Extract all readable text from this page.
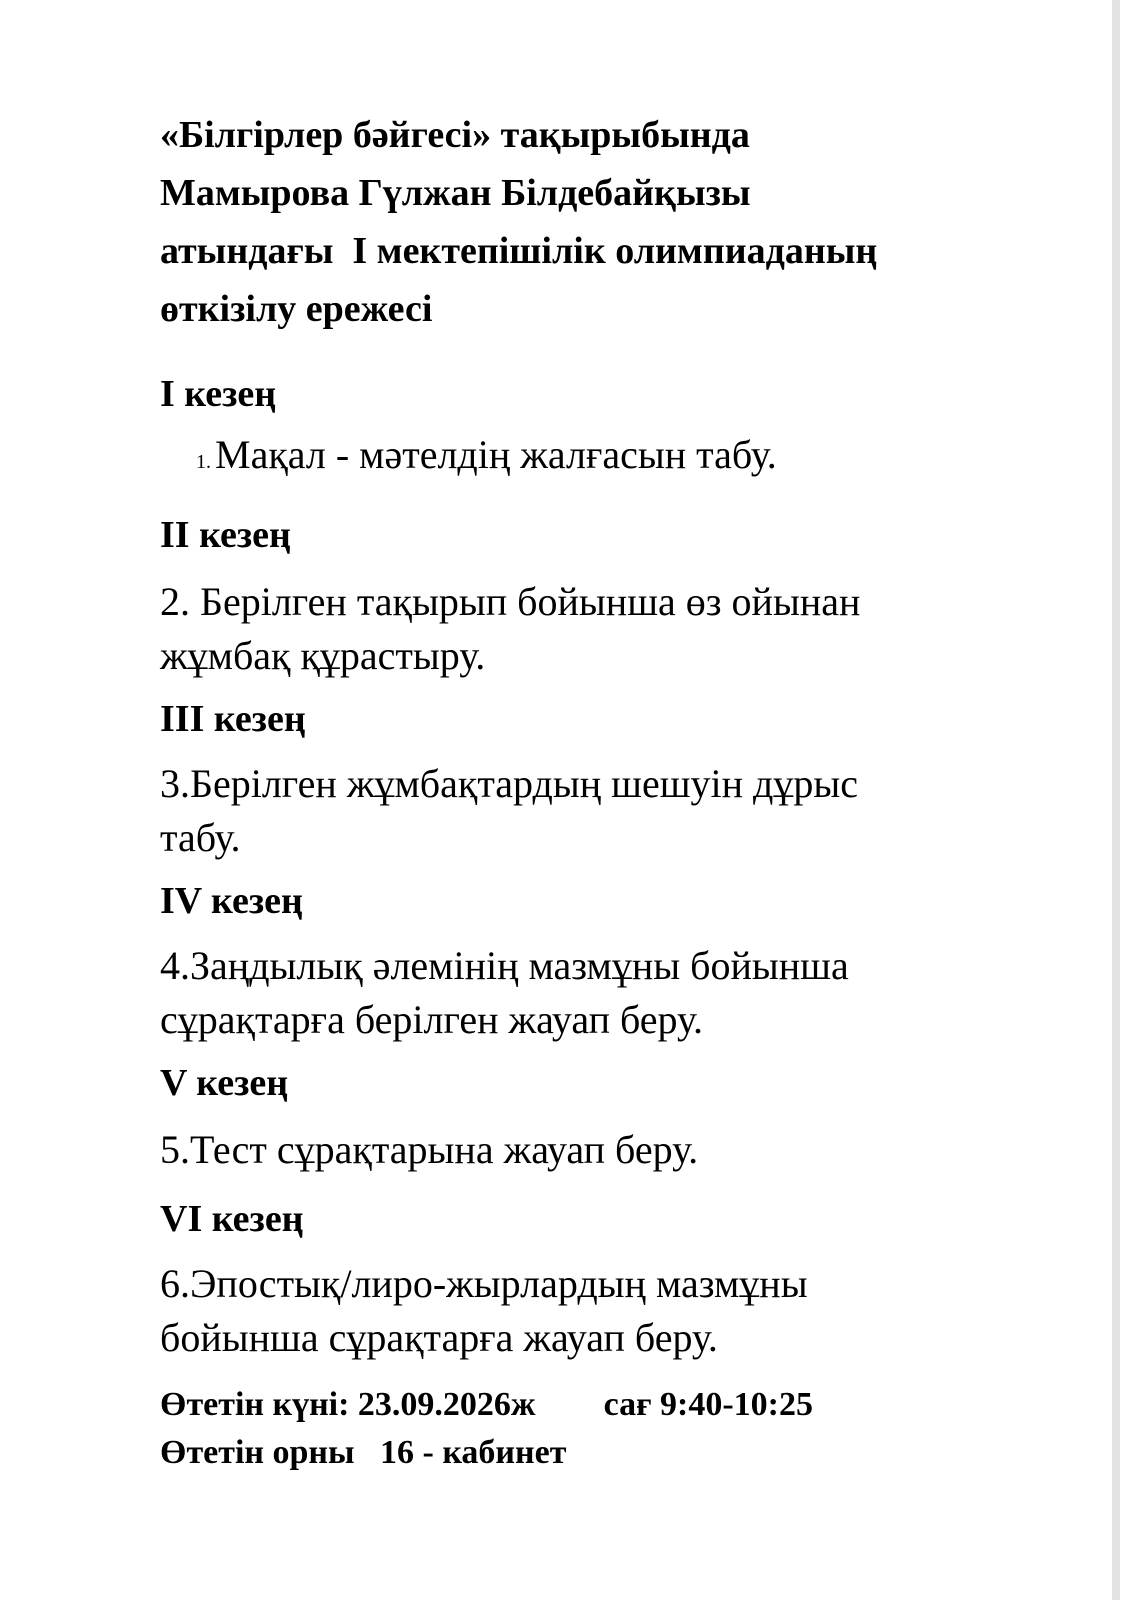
«Білгірлер бәйгесі» тақырыбында
Мамырова Гүлжан Білдебайқызы
атындағы  І мектепішілік олимпиаданың
өткізілу ережесі

І кезең

1. Мақал - мәтелдің жалғасын табу.

ІІ кезең

2. Берілген тақырып бойынша өз ойынан
жұмбақ құрастыру.

ІІІ кезең

3.Берілген жұмбақтардың шешуін дұрыс
табу.

ІV кезең

4.Заңдылық әлемінің мазмұны бойынша
сұрақтарға берілген жауап беру.

V кезең

5.Тест сұрақтарына жауап беру.

VІ кезең

6.Эпостық/лиро-жырлардың мазмұны
бойынша сұрақтарға жауап беру.

Өтетін күні: 23.09.2026ж        сағ 9:40-10:25

Өтетін орны   16 - кабинет
